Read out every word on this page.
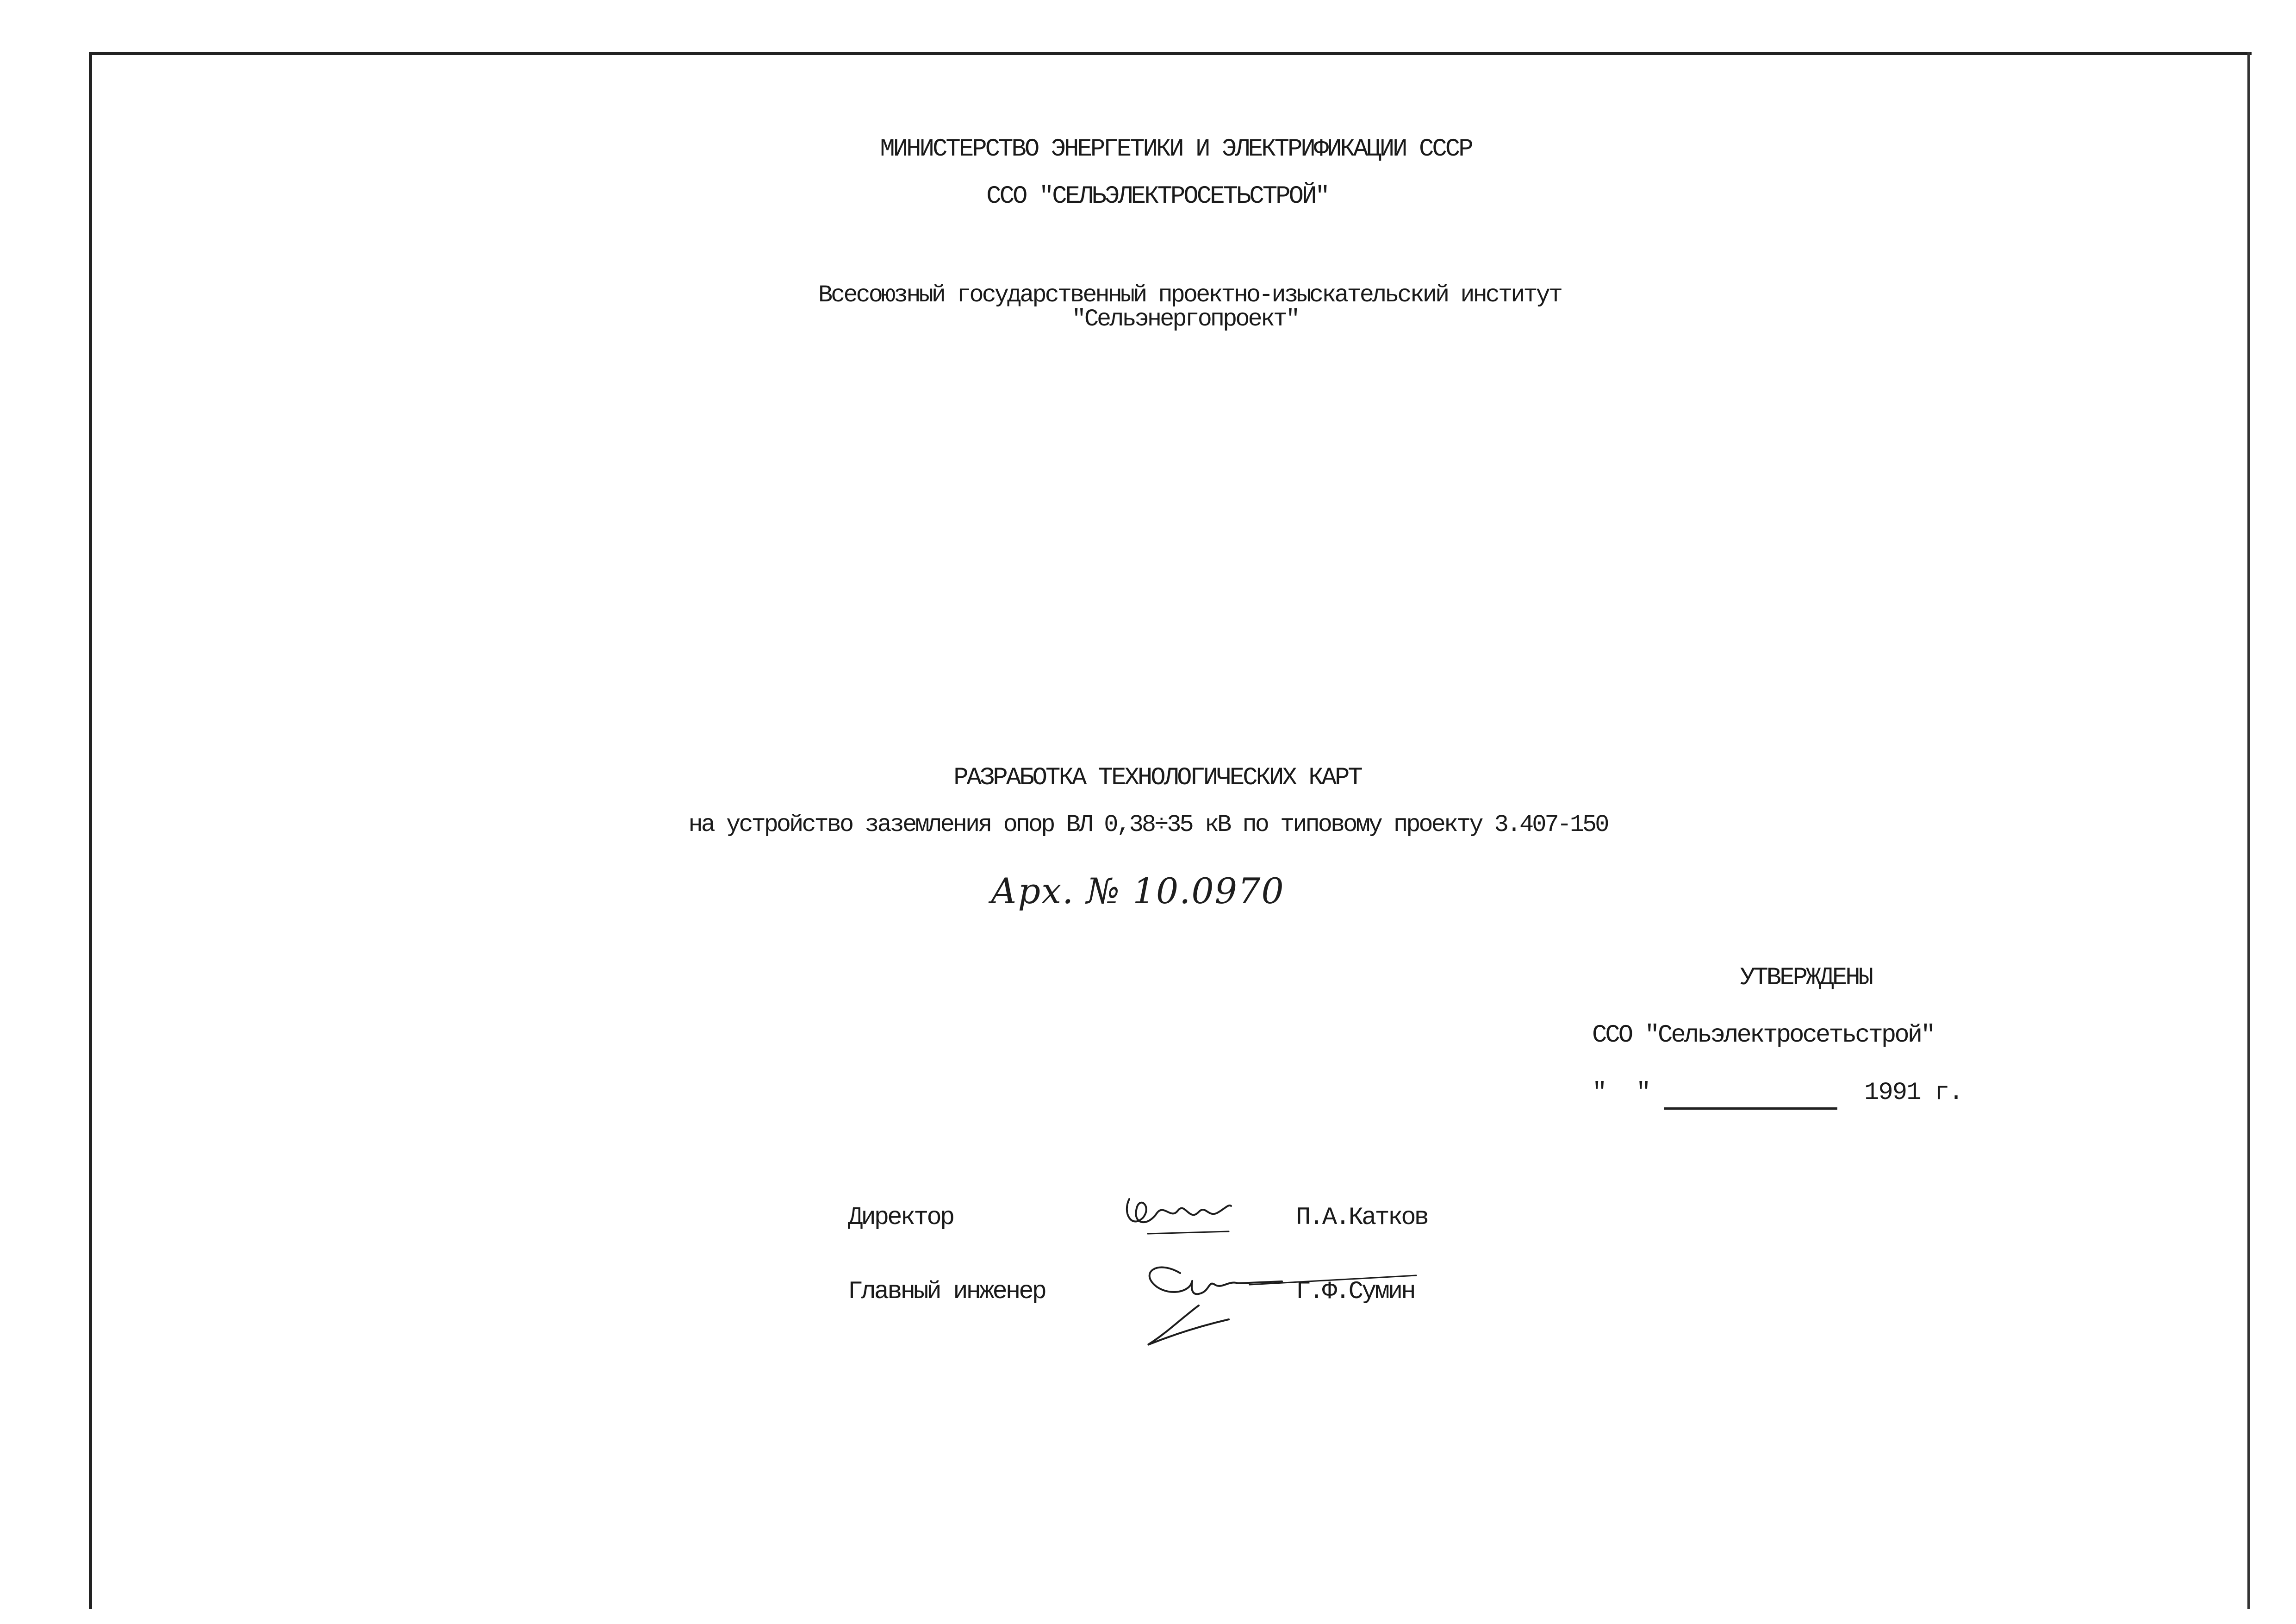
МИНИСТЕРСТВО ЭНЕРГЕТИКИ И ЭЛЕКТРИФИКАЦИИ СССР
ССО "СЕЛЬЭЛЕКТРОСЕТЬСТРОЙ"
Всесоюзный государственный проектно-изыскательский институт
"Сельэнергопроект"
РАЗРАБОТКА ТЕХНОЛОГИЧЕСКИХ КАРТ
на устройство заземления опор ВЛ 0,38÷35 кВ по типовому проекту 3.407-150
Арх. № 10.0970
УТВЕРЖДЕНЫ
ССО "Сельэлектросетьстрой"
" "	1991 г.
Директор	П.А.Катков
Главный инженер	Г.Ф.Сумин
